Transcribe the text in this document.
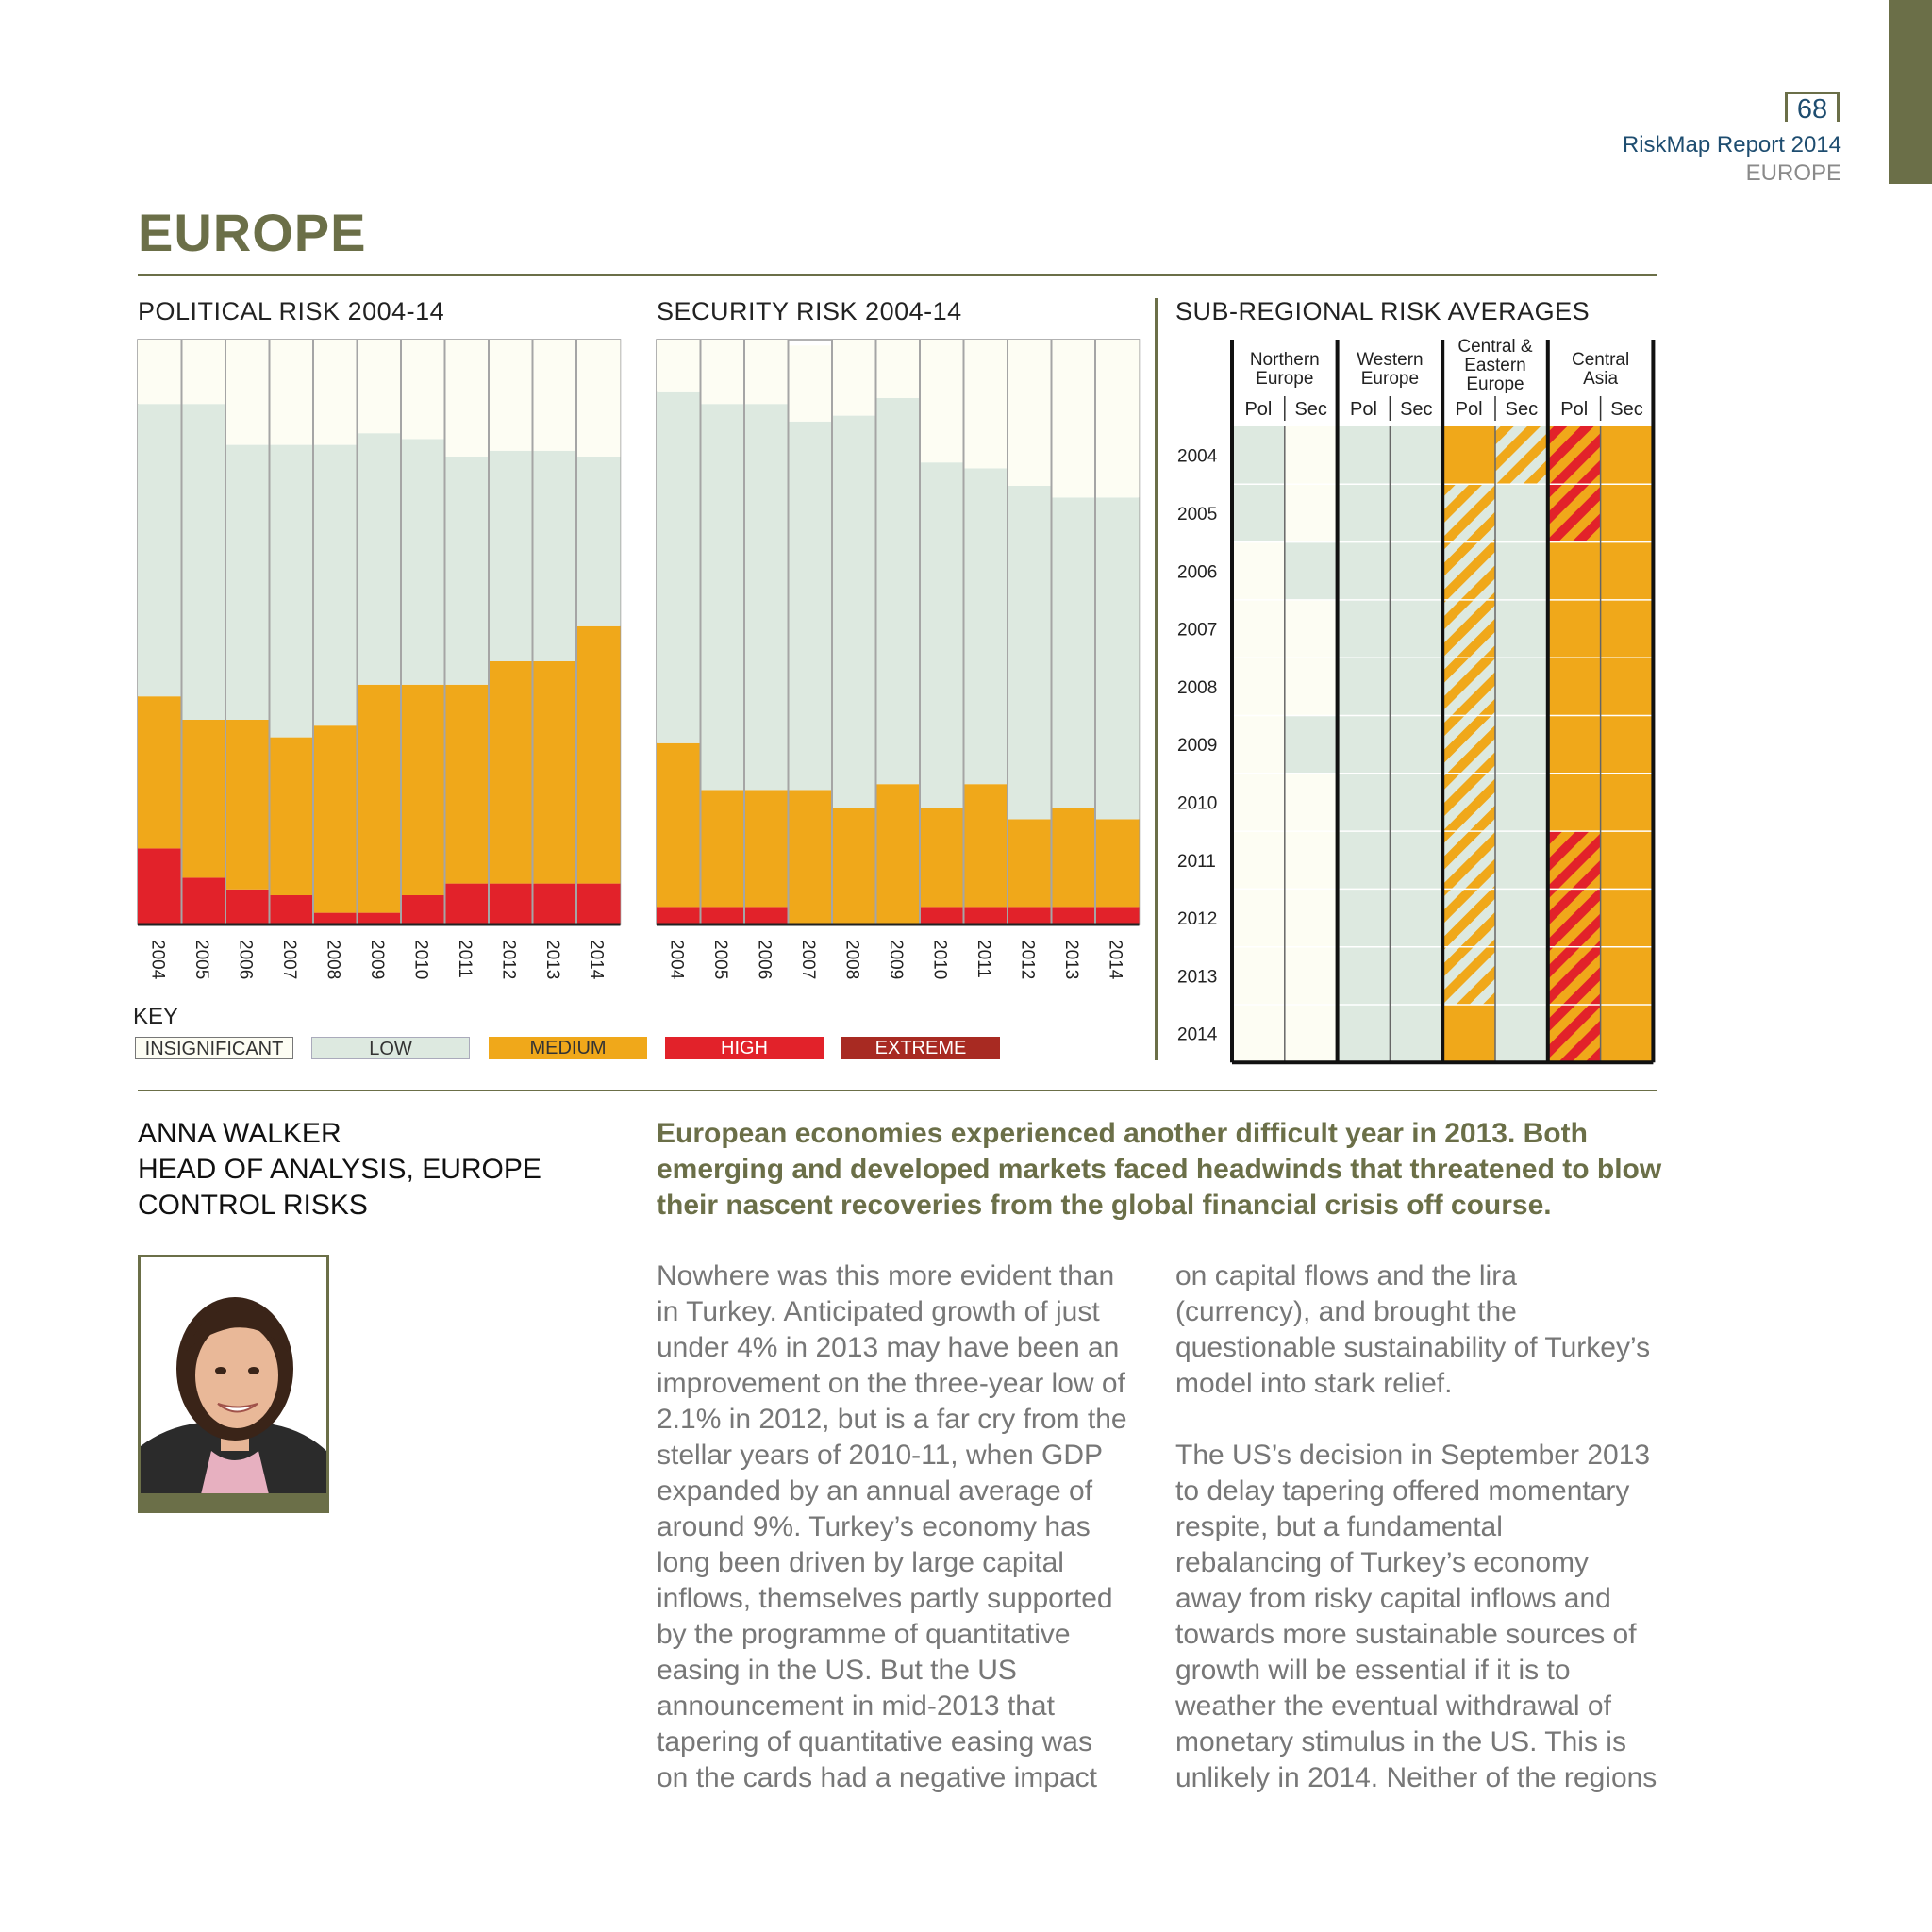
68
RiskMap Report 2014
EUROPE
EUROPE
POLITICAL RISK 2004-14	SECURITY RISK 2004-14	SUB-REGIONAL RISK AVERAGES
2004 2005 2006 2007 2008 2009 2010 2011 2012 2013 2014	2004 2005 2006 2007 2008 2009 2010 2011 2012 2013 2014
Northern
Europe
Pol Sec
Western
Europe
Pol Sec
Central &
Eastern
Europe
Pol Sec
Central
Asia
Pol Sec
2004
2005
2006
2007
2008
2009
2010
2011
2012
2013
2014
KEY
INSIGNIFICANT	LOW	MEDIUM	HIGH	EXTREME
ANNA WALKER
HEAD OF ANALYSIS, EUROPE
CONTROL RISKS
European economies experienced another difficult year in 2013. Both emerging and developed markets faced headwinds that threatened to blow their nascent recoveries from the global financial crisis off course.
Nowhere was this more evident than
in Turkey. Anticipated growth of just
under 4% in 2013 may have been an
improvement on the three-year low of
2.1% in 2012, but is a far cry from the
stellar years of 2010-11, when GDP
expanded by an annual average of
around 9%. Turkey’s economy has
long been driven by large capital
inflows, themselves partly supported
by the programme of quantitative
easing in the US. But the US
announcement in mid-2013 that
tapering of quantitative easing was
on the cards had a negative impact
on capital flows and the lira
(currency), and brought the
questionable sustainability of Turkey’s
model into stark relief.

The US’s decision in September 2013
to delay tapering offered momentary
respite, but a fundamental
rebalancing of Turkey’s economy
away from risky capital inflows and
towards more sustainable sources of
growth will be essential if it is to
weather the eventual withdrawal of
monetary stimulus in the US. This is
unlikely in 2014. Neither of the regions
